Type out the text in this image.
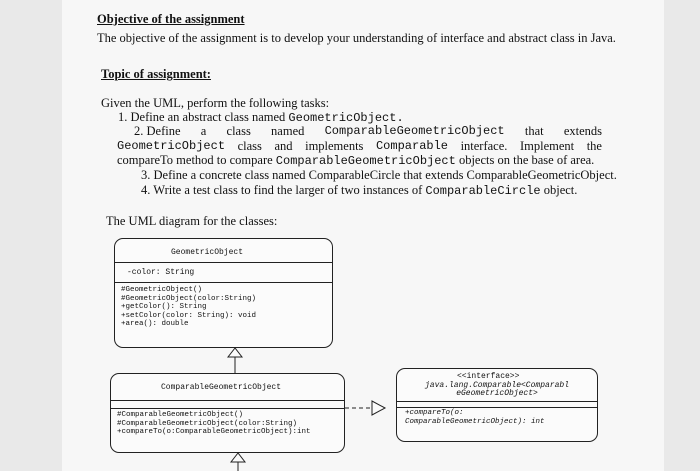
Objective of the assignment
The objective of the assignment is to develop your understanding of interface and abstract class in Java.
Topic of assignment:
Given the UML, perform the following tasks:
1. Define an abstract class named GeometricObject.
2. Define a class named ComparableGeometricObject that extends
GeometricObject class and implements Comparable interface. Implement the
compareTo method to compare ComparableGeometricObject objects on the base of area.
3. Define a concrete class named ComparableCircle that extends ComparableGeometricObject.
4. Write a test class to find the larger of two instances of ComparableCircle object.
The UML diagram for the classes:
GeometricObject
-color: String
#GeometricObject()
#GeometricObject(color:String)
+getColor(): String
+setColor(color: String): void
+area(): double
ComparableGeometricObject
#ComparableGeometricObject()
#ComparableGeometricObject(color:String)
+compareTo(o:ComparableGeometricObject):int
<<interface>>
java.lang.Comparable<Comparabl
eGeometricObject>
+compareTo(o:
ComparableGeometricObject): int
